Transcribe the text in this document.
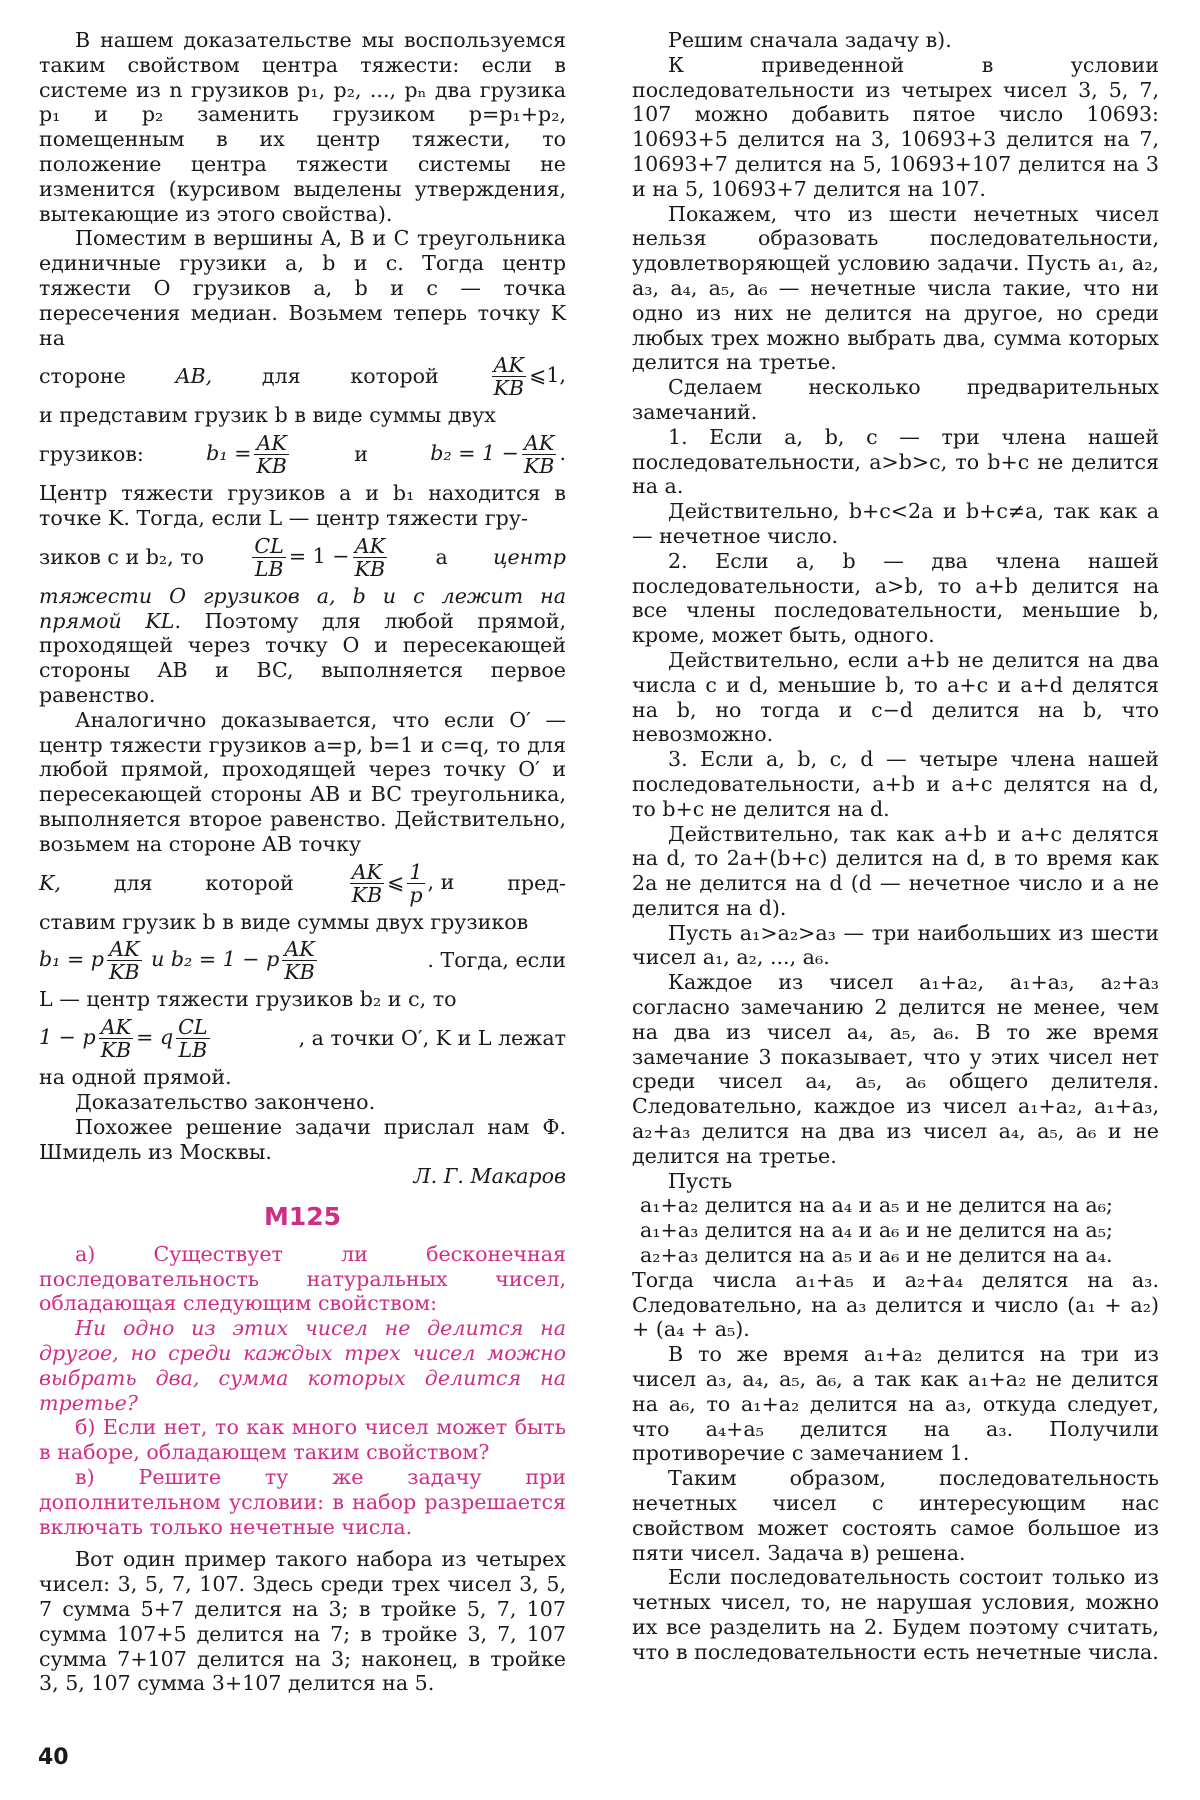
В нашем доказательстве мы воспользуемся таким свойством центра тяжести: если в системе из n грузиков p₁, p₂, ..., pₙ два грузика p₁ и p₂ заменить грузиком p=p₁+p₂, помещенным в их центр тяжести, то положение центра тяжести системы не изменится (курсивом выделены утверждения, вытекающие из этого свойства).

Поместим в вершины A, B и C треугольника единичные грузики a, b и c. Тогда центр тяжести O грузиков a, b и c — точка пересечения медиан. Возьмем теперь точку K на

стороне AB, для которой	$\frac{AK}{KB}$ ⩽1,

и представим грузик b в виде суммы двух

грузиков:	$b_1 = \frac{AK}{KB}$	и	$b_2 = 1 - \frac{AK}{KB}$ .

Центр тяжести грузиков a и b₁ находится в точке K. Тогда, если L — центр тяжести гру-

зиков c и b₂, то $\frac{CL}{LB} = 1 - \frac{AK}{KB}$ а центр

тяжести O грузиков a, b и c лежит на прямой KL. Поэтому для любой прямой, проходящей через точку O и пересекающей стороны AB и BC, выполняется первое равенство.

Аналогично доказывается, что если O′ — центр тяжести грузиков a=p, b=1 и c=q, то для любой прямой, проходящей через точку O′ и пересекающей стороны AB и BC треугольника, выполняется второе равенство. Действительно, возьмем на стороне AB точку

K,	для	которой	$\frac{AK}{KB}$ ⩽ $\frac{1}{p}$ , и	пред-

ставим грузик b в виде суммы двух грузиков

b₁ = p $\frac{AK}{KB}$ и b₂ = 1 − p $\frac{AK}{KB}$	. Тогда, если

L — центр тяжести грузиков b₂ и c, то

1 − p $\frac{AK}{KB} = q \frac{CL}{LB}$	, а точки O′, K и L лежат

на одной прямой.

Доказательство закончено.

Похожее решение задачи прислал нам Ф. Шмидель из Москвы.

Л. Г. Макаров

М125

а) Существует ли бесконечная последовательность натуральных чисел, обладающая следующим свойством:

Ни одно из этих чисел не делится на другое, но среди каждых трех чисел можно выбрать два, сумма которых делится на третье?

б) Если нет, то как много чисел может быть в наборе, обладающем таким свойством?

в) Решите ту же задачу при дополнительном условии: в набор разрешается включать только нечетные числа.

Вот один пример такого набора из четырех чисел: 3, 5, 7, 107. Здесь среди трех чисел 3, 5, 7 сумма 5+7 делится на 3; в тройке 5, 7, 107 сумма 107+5 делится на 7; в тройке 3, 7, 107 сумма 7+107 делится на 3; наконец, в тройке 3, 5, 107 сумма 3+107 делится на 5.

Решим сначала задачу в).

К приведенной в условии последовательности из четырех чисел 3, 5, 7, 107 можно добавить пятое число 10693: 10693+5 делится на 3, 10693+3 делится на 7, 10693+7 делится на 5, 10693+107 делится на 3 и на 5, 10693+7 делится на 107.

Покажем, что из шести нечетных чисел нельзя образовать последовательности, удовлетворяющей условию задачи. Пусть a₁, a₂, a₃, a₄, a₅, a₆ — нечетные числа такие, что ни одно из них не делится на другое, но среди любых трех можно выбрать два, сумма которых делится на третье.

Сделаем несколько предварительных замечаний.

1. Если a, b, c — три члена нашей последовательности, a>b>c, то b+c не делится на a.

Действительно, b+c<2a и b+c≠a, так как a — нечетное число.

2. Если a, b — два члена нашей последовательности, a>b, то a+b делится на все члены последовательности, меньшие b, кроме, может быть, одного.

Действительно, если a+b не делится на два числа c и d, меньшие b, то a+c и a+d делятся на b, но тогда и c−d делится на b, что невозможно.

3. Если a, b, c, d — четыре члена нашей последовательности, a+b и a+c делятся на d, то b+c не делится на d.

Действительно, так как a+b и a+c делятся на d, то 2a+(b+c) делится на d, в то время как 2a не делится на d (d — нечетное число и a не делится на d).

Пусть a₁>a₂>a₃ — три наибольших из шести чисел a₁, a₂, ..., a₆.

Каждое из чисел a₁+a₂, a₁+a₃, a₂+a₃ согласно замечанию 2 делится не менее, чем на два из чисел a₄, a₅, a₆. В то же время замечание 3 показывает, что у этих чисел нет среди чисел a₄, a₅, a₆ общего делителя. Следовательно, каждое из чисел a₁+a₂, a₁+a₃, a₂+a₃ делится на два из чисел a₄, a₅, a₆ и не делится на третье.

Пусть

a₁+a₂ делится на a₄ и a₅ и не делится на a₆;
a₁+a₃ делится на a₄ и a₆ и не делится на a₅;
a₂+a₃ делится на a₅ и a₆ и не делится на a₄.

Тогда числа a₁+a₅ и a₂+a₄ делятся на a₃. Следовательно, на a₃ делится и число (a₁ + a₂) + (a₄ + a₅).

В то же время a₁+a₂ делится на три из чисел a₃, a₄, a₅, a₆, а так как a₁+a₂ не делится на a₆, то a₁+a₂ делится на a₃, откуда следует, что a₄+a₅ делится на a₃. Получили противоречие с замечанием 1.

Таким образом, последовательность нечетных чисел с интересующим нас свойством может состоять самое большое из пяти чисел. Задача в) решена.

Если последовательность состоит только из четных чисел, то, не нарушая условия, можно их все разделить на 2. Будем поэтому считать, что в последовательности есть нечетные числа.

40
